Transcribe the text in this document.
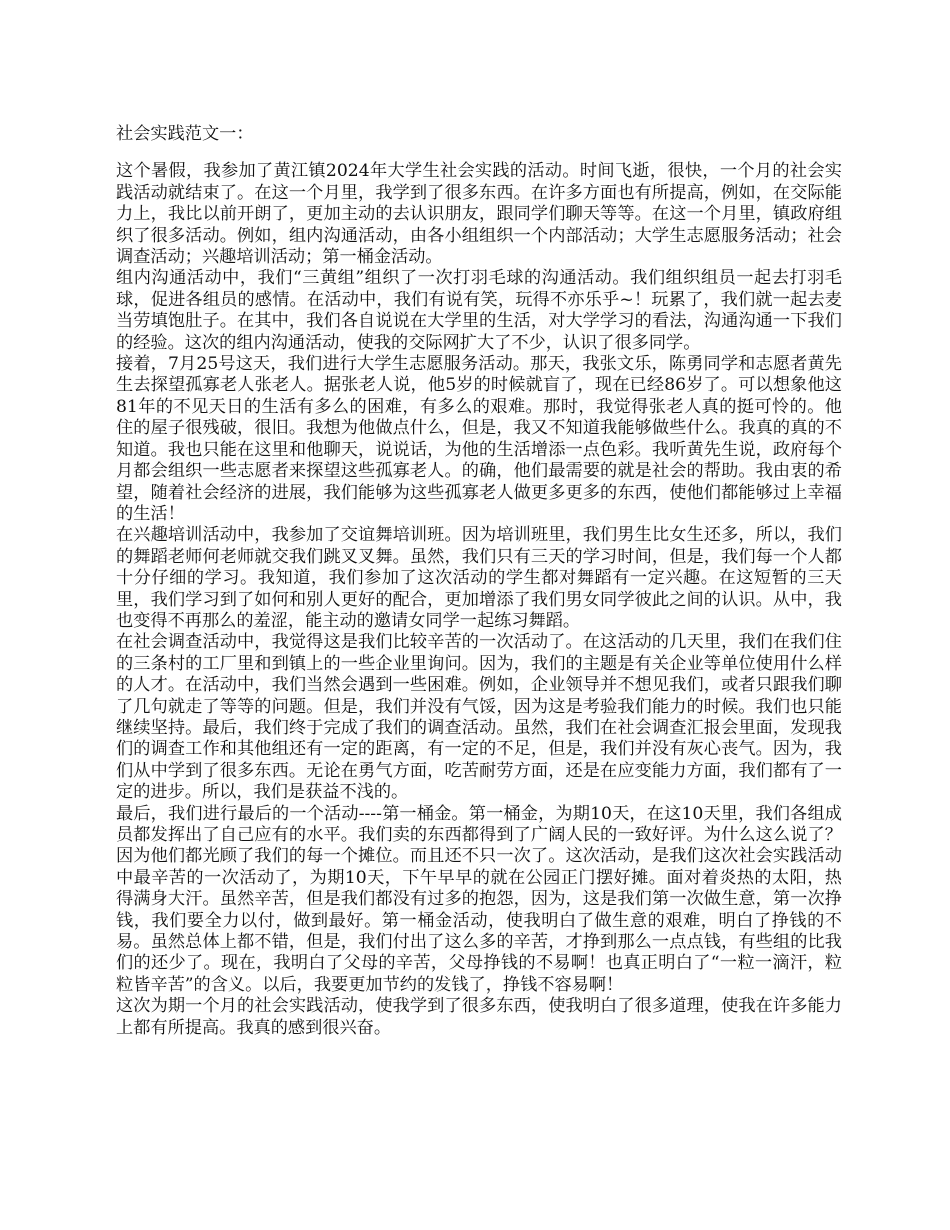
社会实践范文一：

这个暑假，我参加了黄江镇2024年大学生社会实践的活动。时间飞逝，很快，一个月的社会实践活动就结束了。在这一个月里，我学到了很多东西。在许多方面也有所提高，例如，在交际能力上，我比以前开朗了，更加主动的去认识朋友，跟同学们聊天等等。在这一个月里，镇政府组织了很多活动。例如，组内沟通活动，由各小组组织一个内部活动；大学生志愿服务活动；社会调查活动；兴趣培训活动；第一桶金活动。

组内沟通活动中，我们“三黄组”组织了一次打羽毛球的沟通活动。我们组织组员一起去打羽毛球，促进各组员的感情。在活动中，我们有说有笑，玩得不亦乐乎~！玩累了，我们就一起去麦当劳填饱肚子。在其中，我们各自说说在大学里的生活，对大学学习的看法，沟通沟通一下我们的经验。这次的组内沟通活动，使我的交际网扩大了不少，认识了很多同学。

接着，7月25号这天，我们进行大学生志愿服务活动。那天，我张文乐，陈勇同学和志愿者黄先生去探望孤寡老人张老人。据张老人说，他5岁的时候就盲了，现在已经86岁了。可以想象他这81年的不见天日的生活有多么的困难，有多么的艰难。那时，我觉得张老人真的挺可怜的。他住的屋子很残破，很旧。我想为他做点什么，但是，我又不知道我能够做些什么。我真的真的不知道。我也只能在这里和他聊天，说说话，为他的生活增添一点色彩。我听黄先生说，政府每个月都会组织一些志愿者来探望这些孤寡老人。的确，他们最需要的就是社会的帮助。我由衷的希望，随着社会经济的进展，我们能够为这些孤寡老人做更多更多的东西，使他们都能够过上幸福的生活！

在兴趣培训活动中，我参加了交谊舞培训班。因为培训班里，我们男生比女生还多，所以，我们的舞蹈老师何老师就交我们跳叉叉舞。虽然，我们只有三天的学习时间，但是，我们每一个人都十分仔细的学习。我知道，我们参加了这次活动的学生都对舞蹈有一定兴趣。在这短暂的三天里，我们学习到了如何和别人更好的配合，更加增添了我们男女同学彼此之间的认识。从中，我也变得不再那么的羞涩，能主动的邀请女同学一起练习舞蹈。

在社会调查活动中，我觉得这是我们比较辛苦的一次活动了。在这活动的几天里，我们在我们住的三条村的工厂里和到镇上的一些企业里询问。因为，我们的主题是有关企业等单位使用什么样的人才。在活动中，我们当然会遇到一些困难。例如，企业领导并不想见我们，或者只跟我们聊了几句就走了等等的问题。但是，我们并没有气馁，因为这是考验我们能力的时候。我们也只能继续坚持。最后，我们终于完成了我们的调查活动。虽然，我们在社会调查汇报会里面，发现我们的调查工作和其他组还有一定的距离，有一定的不足，但是，我们并没有灰心丧气。因为，我们从中学到了很多东西。无论在勇气方面，吃苦耐劳方面，还是在应变能力方面，我们都有了一定的进步。所以，我们是获益不浅的。

最后，我们进行最后的一个活动----第一桶金。第一桶金，为期10天，在这10天里，我们各组成员都发挥出了自己应有的水平。我们卖的东西都得到了广阔人民的一致好评。为什么这么说了？因为他们都光顾了我们的每一个摊位。而且还不只一次了。这次活动，是我们这次社会实践活动中最辛苦的一次活动了，为期10天，下午早早的就在公园正门摆好摊。面对着炎热的太阳，热得满身大汗。虽然辛苦，但是我们都没有过多的抱怨，因为，这是我们第一次做生意，第一次挣钱，我们要全力以付，做到最好。第一桶金活动，使我明白了做生意的艰难，明白了挣钱的不易。虽然总体上都不错，但是，我们付出了这么多的辛苦，才挣到那么一点点钱，有些组的比我们的还少了。现在，我明白了父母的辛苦，父母挣钱的不易啊！也真正明白了“一粒一滴汗，粒粒皆辛苦”的含义。以后，我要更加节约的发钱了，挣钱不容易啊！

这次为期一个月的社会实践活动，使我学到了很多东西，使我明白了很多道理，使我在许多能力上都有所提高。我真的感到很兴奋。
